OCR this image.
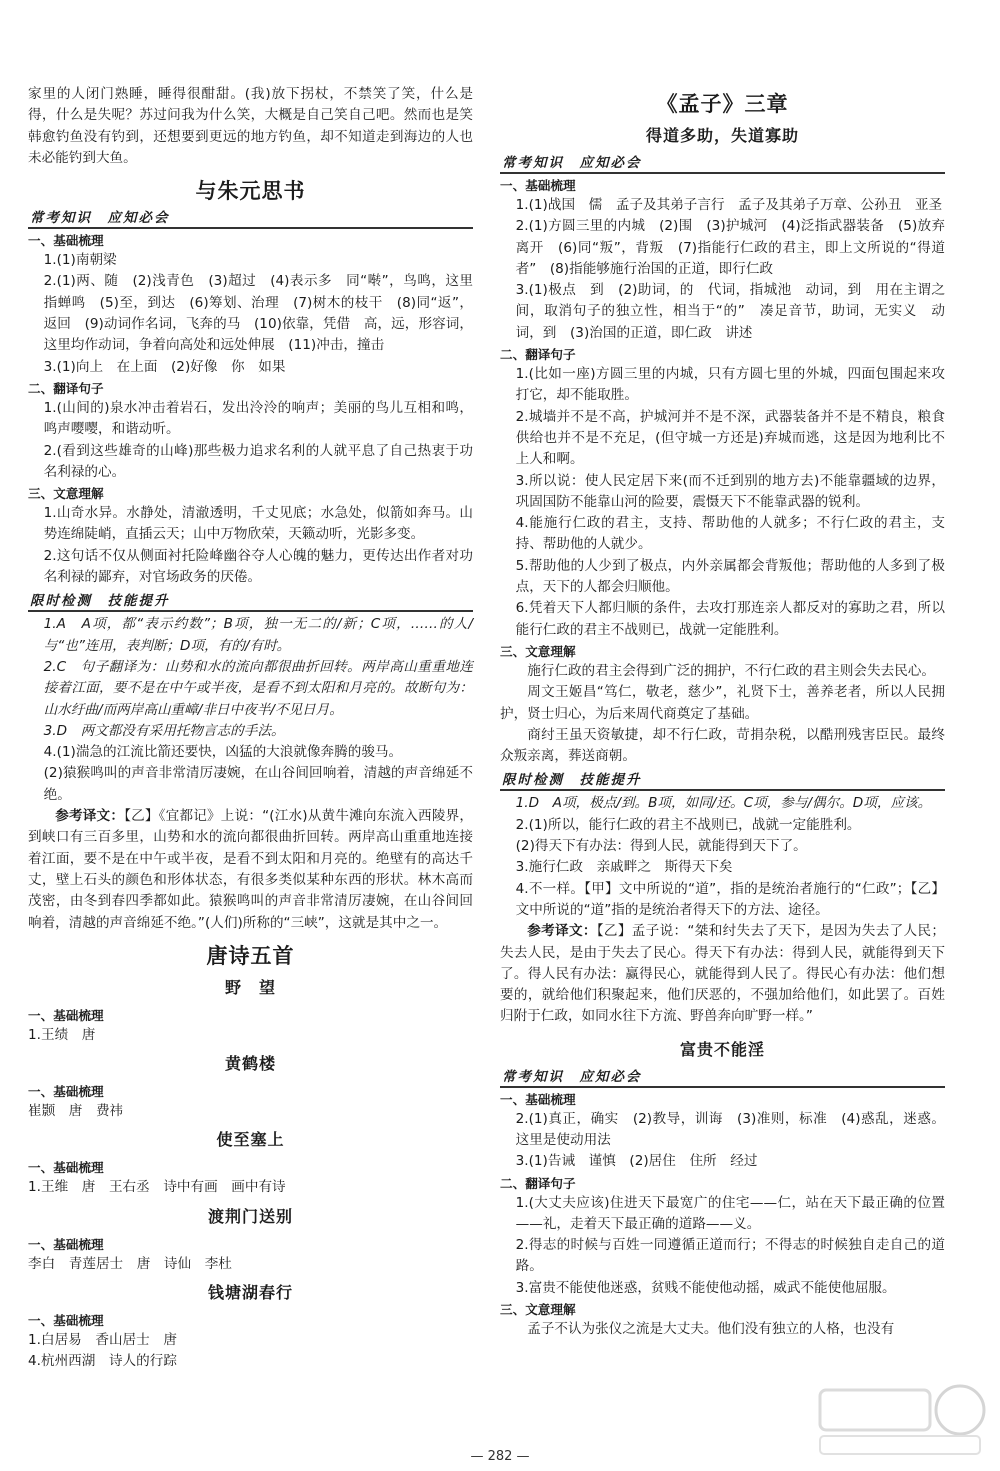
家里的人闭门熟睡，睡得很酣甜。(我)放下拐杖，不禁笑了笑，什么是得，什么是失呢？苏过问我为什么笑，大概是自己笑自己吧。然而也是笑韩愈钓鱼没有钓到，还想要到更远的地方钓鱼，却不知道走到海边的人也未必能钓到大鱼。

与朱元思书
常考知识　应知必会
一、基础梳理

1.(1)南朝梁

2.(1)两、随　(2)浅青色　(3)超过　(4)表示多　同“啭”，鸟鸣，这里指蝉鸣　(5)至，到达　(6)筹划、治理　(7)树木的枝干　(8)同“返”，返回　(9)动词作名词，飞奔的马　(10)依靠，凭借　高，远，形容词，这里均作动词，争着向高处和远处伸展　(11)冲击，撞击

3.(1)向上　在上面　(2)好像　你　如果

二、翻译句子

1.(山间的)泉水冲击着岩石，发出泠泠的响声；美丽的鸟儿互相和鸣，鸣声嘤嘤，和谐动听。

2.(看到这些雄奇的山峰)那些极力追求名利的人就平息了自己热衷于功名利禄的心。

三、文意理解

1.山奇水异。水静处，清澈透明，千丈见底；水急处，似箭如奔马。山势连绵陡峭，直插云天；山中万物欣荣，天籁动听，光影多变。

2.这句话不仅从侧面衬托险峰幽谷夺人心魄的魅力，更传达出作者对功名利禄的鄙弃，对官场政务的厌倦。

限时检测　技能提升

1.A　A项，都“表示约数”；B项，独一无二的/新；C项，……的人/与“也”连用，表判断；D项，有的/有时。

2.C　句子翻译为：山势和水的流向都很曲折回转。两岸高山重重地连接着江面，要不是在中午或半夜，是看不到太阳和月亮的。故断句为：山水纡曲/而两岸高山重嶂/非日中夜半/不见日月。

3.D　两文都没有采用托物言志的手法。

4.(1)湍急的江流比箭还要快，凶猛的大浪就像奔腾的骏马。

(2)猿猴鸣叫的声音非常清厉凄婉，在山谷间回响着，清越的声音绵延不绝。

参考译文：【乙】《宜都记》上说：“(江水)从黄牛滩向东流入西陵界，到峡口有三百多里，山势和水的流向都很曲折回转。两岸高山重重地连接着江面，要不是在中午或半夜，是看不到太阳和月亮的。绝壁有的高达千丈，壁上石头的颜色和形体状态，有很多类似某种东西的形状。林木高而茂密，由冬到春四季都如此。猿猴鸣叫的声音非常清厉凄婉，在山谷间回响着，清越的声音绵延不绝。”(人们)所称的“三峡”，这就是其中之一。

唐诗五首
野　望
一、基础梳理

1.王绩　唐

黄鹤楼
一、基础梳理

崔颢　唐　费祎

使至塞上
一、基础梳理

1.王维　唐　王右丞　诗中有画　画中有诗

渡荆门送别
一、基础梳理

李白　青莲居士　唐　诗仙　李杜

钱塘湖春行
一、基础梳理

1.白居易　香山居士　唐

4.杭州西湖　诗人的行踪

《孟子》三章
得道多助，失道寡助
常考知识　应知必会
一、基础梳理

1.(1)战国　儒　孟子及其弟子言行　孟子及其弟子万章、公孙丑　亚圣

2.(1)方圆三里的内城　(2)围　(3)护城河　(4)泛指武器装备　(5)放弃　离开　(6)同“叛”，背叛　(7)指能行仁政的君主，即上文所说的“得道者”　(8)指能够施行治国的正道，即行仁政

3.(1)极点　到　(2)助词，的　代词，指城池　动词，到　用在主谓之间，取消句子的独立性，相当于“的”　凑足音节，助词，无实义　动词，到　(3)治国的正道，即仁政　讲述

二、翻译句子

1.(比如一座)方圆三里的内城，只有方圆七里的外城，四面包围起来攻打它，却不能取胜。

2.城墙并不是不高，护城河并不是不深，武器装备并不是不精良，粮食供给也并不是不充足，(但守城一方还是)弃城而逃，这是因为地利比不上人和啊。

3.所以说：使人民定居下来(而不迁到别的地方去)不能靠疆域的边界，巩固国防不能靠山河的险要，震慑天下不能靠武器的锐利。

4.能施行仁政的君主，支持、帮助他的人就多；不行仁政的君主，支持、帮助他的人就少。

5.帮助他的人少到了极点，内外亲属都会背叛他；帮助他的人多到了极点，天下的人都会归顺他。

6.凭着天下人都归顺的条件，去攻打那连亲人都反对的寡助之君，所以能行仁政的君主不战则已，战就一定能胜利。

三、文意理解

施行仁政的君主会得到广泛的拥护，不行仁政的君主则会失去民心。

周文王姬昌“笃仁，敬老，慈少”，礼贤下士，善养老者，所以人民拥护，贤士归心，为后来周代商奠定了基础。

商纣王虽天资敏捷，却不行仁政，苛捐杂税，以酷刑残害臣民。最终众叛亲离，葬送商朝。

限时检测　技能提升

1.D　A项，极点/到。B项，如同/还。C项，参与/偶尔。D项，应该。

2.(1)所以，能行仁政的君主不战则已，战就一定能胜利。

(2)得天下有办法：得到人民，就能得到天下了。

3.施行仁政　亲戚畔之　斯得天下矣

4.不一样。【甲】文中所说的“道”，指的是统治者施行的“仁政”；【乙】文中所说的“道”指的是统治者得天下的方法、途径。

参考译文：【乙】孟子说：“桀和纣失去了天下，是因为失去了人民；失去人民，是由于失去了民心。得天下有办法：得到人民，就能得到天下了。得人民有办法：赢得民心，就能得到人民了。得民心有办法：他们想要的，就给他们积聚起来，他们厌恶的，不强加给他们，如此罢了。百姓归附于仁政，如同水往下方流、野兽奔向旷野一样。”

富贵不能淫
常考知识　应知必会
一、基础梳理

2.(1)真正，确实　(2)教导，训诲　(3)准则，标准　(4)惑乱，迷惑。这里是使动用法

3.(1)告诫　谨慎　(2)居住　住所　经过

二、翻译句子

1.(大丈夫应该)住进天下最宽广的住宅——仁，站在天下最正确的位置——礼，走着天下最正确的道路——义。

2.得志的时候与百姓一同遵循正道而行；不得志的时候独自走自己的道路。

3.富贵不能使他迷惑，贫贱不能使他动摇，威武不能使他屈服。

三、文意理解

孟子不认为张仪之流是大丈夫。他们没有独立的人格，也没有

— 282 —
